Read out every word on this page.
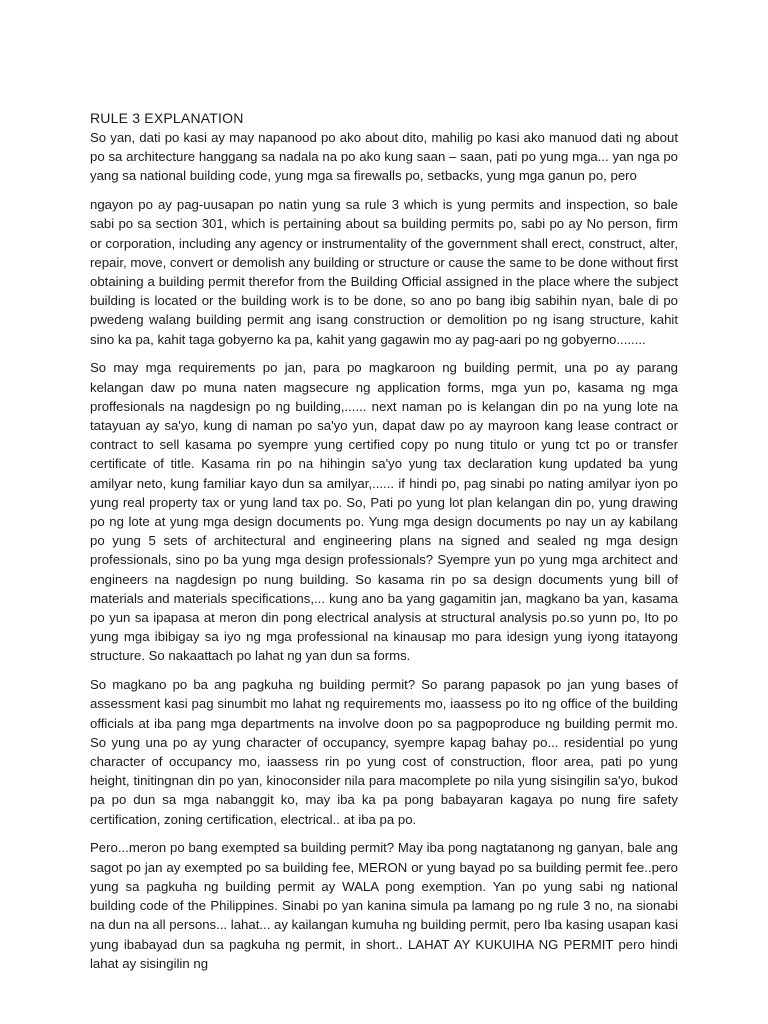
RULE 3 EXPLANATION

So yan, dati po kasi ay may napanood po ako about dito, mahilig po kasi ako manuod dati ng about po sa architecture hanggang sa nadala na po ako kung saan – saan, pati po yung mga... yan nga po yang sa national building code, yung mga sa firewalls po, setbacks, yung mga ganun po, pero

ngayon po ay pag-uusapan po natin yung sa rule 3 which is yung permits and inspection, so bale sabi po sa section 301, which is pertaining about sa building permits po, sabi po ay No person, firm or corporation, including any agency or instrumentality of the government shall erect, construct, alter, repair, move, convert or demolish any building or structure or cause the same to be done without first obtaining a building permit therefor from the Building Official assigned in the place where the subject building is located or the building work is to be done, so ano po bang ibig sabihin nyan, bale di po pwedeng walang building permit ang isang construction or demolition po ng isang structure, kahit sino ka pa, kahit taga gobyerno ka pa, kahit yang gagawin mo ay pag-aari po ng gobyerno........

So may mga requirements po jan, para po magkaroon ng building permit, una po ay parang kelangan daw po muna naten magsecure ng application forms, mga yun po, kasama ng mga proffesionals na nagdesign po ng building,...... next naman po is kelangan din po na yung lote na tatayuan ay sa'yo, kung di naman po sa'yo yun, dapat daw po ay mayroon kang lease contract or contract to sell kasama po syempre yung certified copy po nung titulo or yung tct po or transfer certificate of title. Kasama rin po na hihingin sa'yo yung tax declaration kung updated ba yung amilyar neto, kung familiar kayo dun sa amilyar,...... if hindi po, pag sinabi po nating amilyar iyon po yung real property tax or yung land tax po. So, Pati po yung lot plan kelangan din po, yung drawing po ng lote at yung mga design documents po. Yung mga design documents po nay un ay kabilang po yung 5 sets of architectural and engineering plans na signed and sealed ng mga design professionals, sino po ba yung mga design professionals? Syempre yun po yung mga architect and engineers na nagdesign po nung building. So kasama rin po sa design documents yung bill of materials and materials specifications,... kung ano ba yang gagamitin jan, magkano ba yan, kasama po yun sa ipapasa at meron din pong electrical analysis at structural analysis po.so yunn po, Ito po yung mga ibibigay sa iyo ng mga professional na kinausap mo para idesign yung iyong itatayong structure. So nakaattach po lahat ng yan dun sa forms.

So magkano po ba ang pagkuha ng building permit? So parang papasok po jan yung bases of assessment kasi pag sinumbit mo lahat ng requirements mo, iaassess po ito ng office of the building officials at iba pang mga departments na involve doon po sa pagpoproduce ng building permit mo. So yung una po ay yung character of occupancy, syempre kapag bahay po... residential po yung character of occupancy mo, iaassess rin po yung cost of construction, floor area, pati po yung height, tinitingnan din po yan, kinoconsider nila para macomplete po nila yung sisingilin sa'yo, bukod pa po dun sa mga nabanggit ko, may iba ka pa pong babayaran kagaya po nung fire safety certification, zoning certification, electrical.. at iba pa po.

Pero...meron po bang exempted sa building permit? May iba pong nagtatanong ng ganyan, bale ang sagot po jan ay exempted po sa building fee, MERON or yung bayad po sa building permit fee..pero yung sa pagkuha ng building permit ay WALA pong exemption. Yan po yung sabi ng national building code of the Philippines. Sinabi po yan kanina simula pa lamang po ng rule 3 no, na sionabi na dun na all persons... lahat... ay kailangan kumuha ng building permit, pero Iba kasing usapan kasi yung ibabayad dun sa pagkuha ng permit, in short.. LAHAT AY KUKUIHA NG PERMIT pero hindi lahat ay sisingilin ng
